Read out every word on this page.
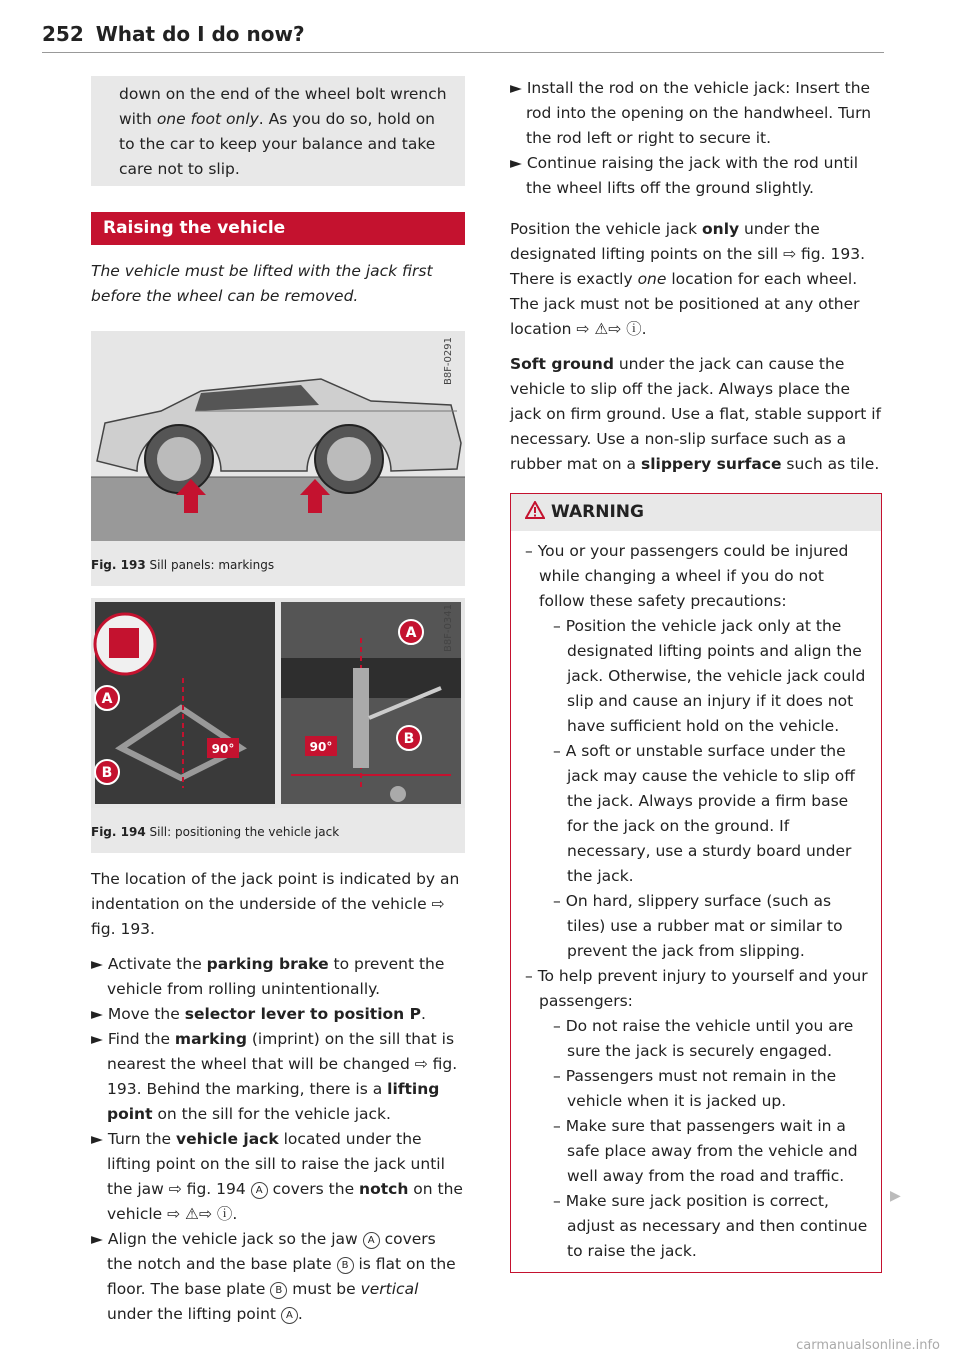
252 What do I do now?

down on the end of the wheel bolt wrench with one foot only. As you do so, hold on to the car to keep your balance and take care not to slip.

Raising the vehicle

The vehicle must be lifted with the jack first before the wheel can be removed.

B8F-0291
Fig. 193 Sill panels: markings
A
B
90°
A
B
90°
B8F-0341
Fig. 194 Sill: positioning the vehicle jack

The location of the jack point is indicated by an indentation on the underside of the vehicle ⇨ fig. 193.

► Activate the parking brake to prevent the vehicle from rolling unintentionally.

► Move the selector lever to position P.

► Find the marking (imprint) on the sill that is nearest the wheel that will be changed ⇨ fig. 193. Behind the marking, there is a lifting point on the sill for the vehicle jack.

► Turn the vehicle jack located under the lifting point on the sill to raise the jack until the jaw ⇨ fig. 194 A covers the notch on the vehicle ⇨ ⚠⇨ ⓘ.

► Align the vehicle jack so the jaw A covers the notch and the base plate B is flat on the floor. The base plate B must be vertical under the lifting point A .

► Install the rod on the vehicle jack: Insert the rod into the opening on the handwheel. Turn the rod left or right to secure it.

► Continue raising the jack with the rod until the wheel lifts off the ground slightly.

Position the vehicle jack only under the designated lifting points on the sill ⇨ fig. 193. There is exactly one location for each wheel. The jack must not be positioned at any other location ⇨ ⚠⇨ ⓘ.

Soft ground under the jack can cause the vehicle to slip off the jack. Always place the jack on firm ground. Use a flat, stable support if necessary. Use a non-slip surface such as a rubber mat on a slippery surface such as tile.

WARNING

– You or your passengers could be injured while changing a wheel if you do not follow these safety precautions:

– Position the vehicle jack only at the designated lifting points and align the jack. Otherwise, the vehicle jack could slip and cause an injury if it does not have sufficient hold on the vehicle.

– A soft or unstable surface under the jack may cause the vehicle to slip off the jack. Always provide a firm base for the jack on the ground. If necessary, use a sturdy board under the jack.

– On hard, slippery surface (such as tiles) use a rubber mat or similar to prevent the jack from slipping.

– To help prevent injury to yourself and your passengers:

– Do not raise the vehicle until you are sure the jack is securely engaged.

– Passengers must not remain in the vehicle when it is jacked up.

– Make sure that passengers wait in a safe place away from the vehicle and well away from the road and traffic.

– Make sure jack position is correct, adjust as necessary and then continue to raise the jack.

▶
carmanualsonline.info
